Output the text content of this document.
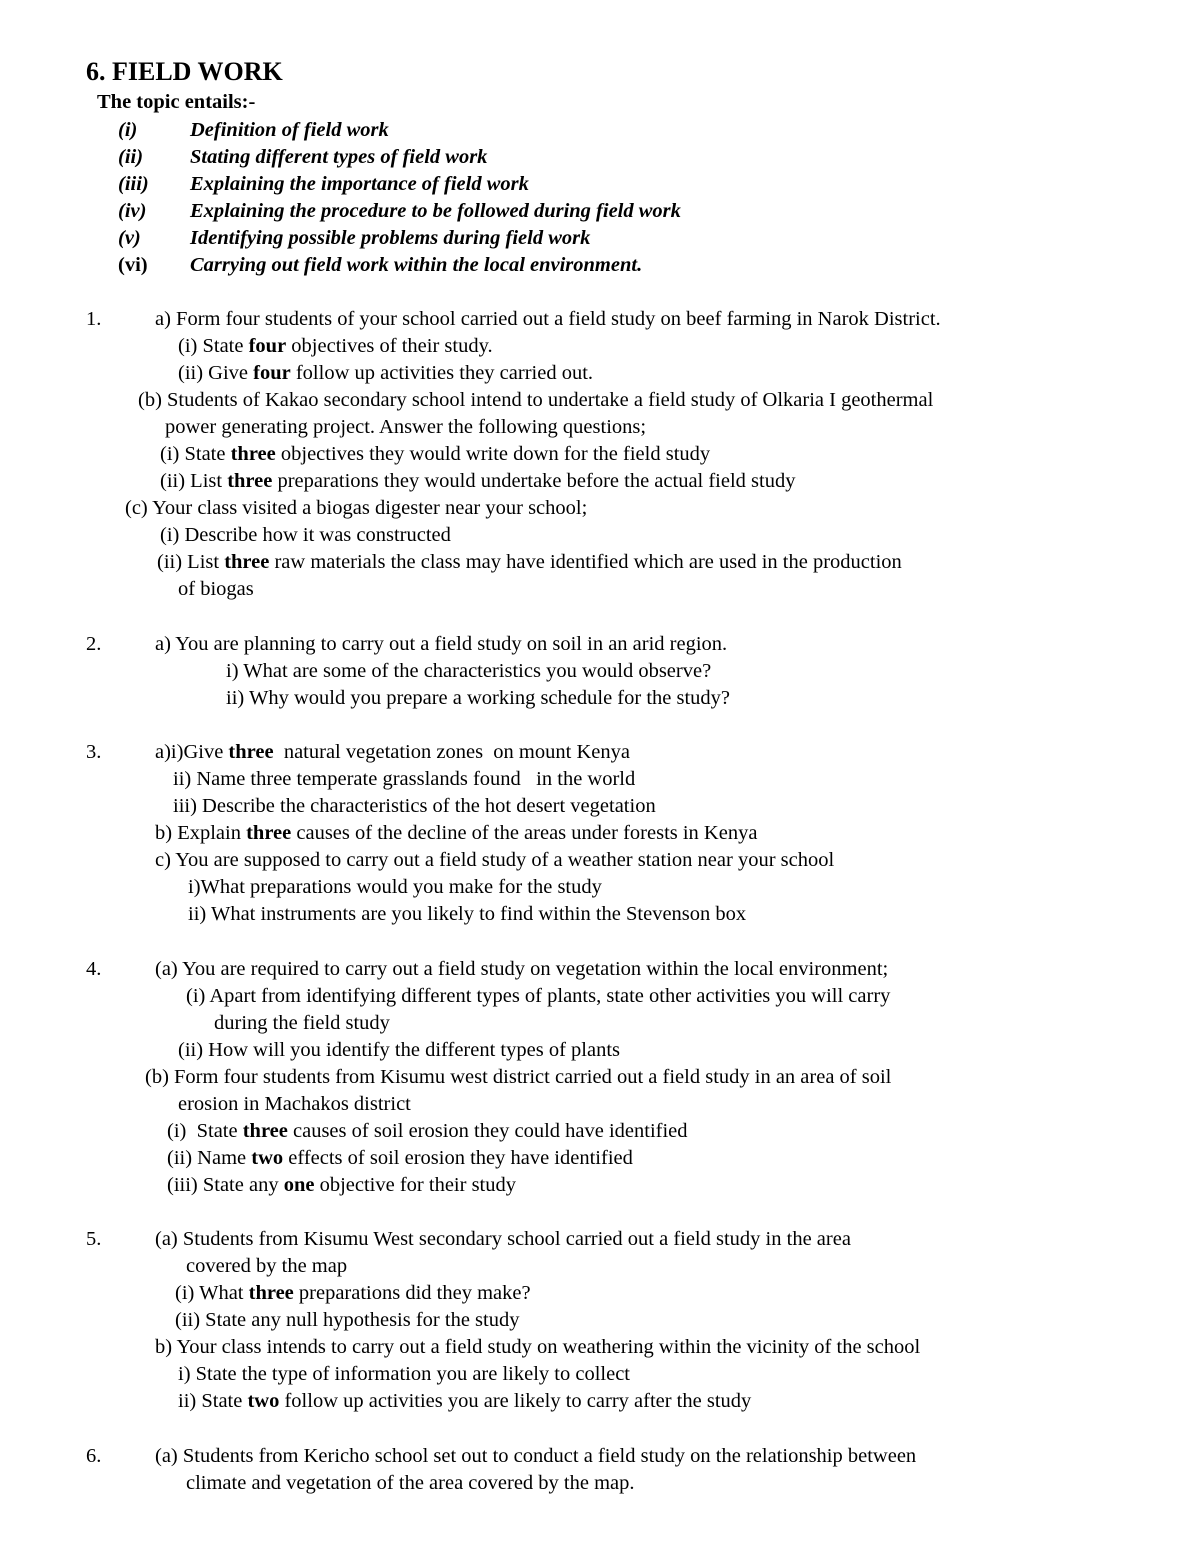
6. FIELD WORK
The topic entails:-
(i)	Definition of field work
(ii) Stating different types of field work
(iii) Explaining the importance of field work
(iv) Explaining the procedure to be followed during field work
(v) Identifying possible problems during field work
(vi) Carrying out field work within the local environment.
1.	a) Form four students of your school carried out a field study on beef farming in Narok District.
(i) State four objectives of their study.
(ii) Give four follow up activities they carried out.
(b) Students of Kakao secondary school intend to undertake a field study of Olkaria I geothermal
power generating project. Answer the following questions;
(i) State three objectives they would write down for the field study
(ii) List three preparations they would undertake before the actual field study
(c) Your class visited a biogas digester near your school;
(i) Describe how it was constructed
(ii) List three raw materials the class may have identified which are used in the production
of biogas
2.	a) You are planning to carry out a field study on soil in an arid region.
i) What are some of the characteristics you would observe?
ii) Why would you prepare a working schedule for the study?
3.	a)i)Give three  natural vegetation zones  on mount Kenya
ii) Name three temperate grasslands found   in the world
iii) Describe the characteristics of the hot desert vegetation
b) Explain three causes of the decline of the areas under forests in Kenya
c) You are supposed to carry out a field study of a weather station near your school
i)What preparations would you make for the study
ii) What instruments are you likely to find within the Stevenson box
4.	(a) You are required to carry out a field study on vegetation within the local environment;
(i) Apart from identifying different types of plants, state other activities you will carry
during the field study
(ii) How will you identify the different types of plants
(b) Form four students from Kisumu west district carried out a field study in an area of soil
erosion in Machakos district
(i)  State three causes of soil erosion they could have identified
(ii) Name two effects of soil erosion they have identified
(iii) State any one objective for their study
5.	(a) Students from Kisumu West secondary school carried out a field study in the area
covered by the map
(i) What three preparations did they make?
(ii) State any null hypothesis for the study
b) Your class intends to carry out a field study on weathering within the vicinity of the school
i) State the type of information you are likely to collect
ii) State two follow up activities you are likely to carry after the study
6.	(a) Students from Kericho school set out to conduct a field study on the relationship between
climate and vegetation of the area covered by the map.
